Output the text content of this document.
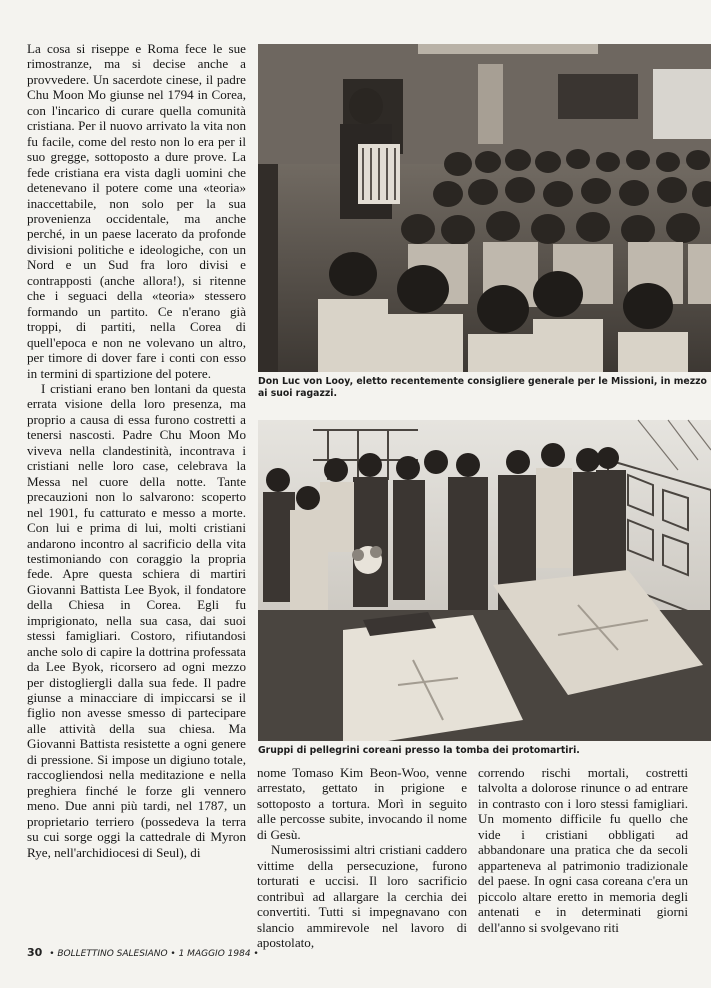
La cosa si riseppe e Roma fece le sue rimostranze, ma si decise anche a provvedere. Un sacerdote cinese, il padre Chu Moon Mo giunse nel 1794 in Corea, con l'incarico di curare quella comunità cristiana. Per il nuovo arrivato la vita non fu facile, come del resto non lo era per il suo gregge, sottoposto a dure prove. La fede cristiana era vista dagli uomini che detenevano il potere come una «teoria» inaccettabile, non solo per la sua provenienza occidentale, ma anche perché, in un paese lacerato da profonde divisioni politiche e ideologiche, con un Nord e un Sud fra loro divisi e contrapposti (anche allora!), si ritenne che i seguaci della «teoria» stessero formando un partito. Ce n'erano già troppi, di partiti, nella Corea di quell'epoca e non ne volevano un altro, per timore di dover fare i conti con esso in termini di spartizione del potere.

I cristiani erano ben lontani da questa errata visione della loro presenza, ma proprio a causa di essa furono costretti a tenersi nascosti. Padre Chu Moon Mo viveva nella clandestinità, incontrava i cristiani nelle loro case, celebrava la Messa nel cuore della notte. Tante precauzioni non lo salvarono: scoperto nel 1901, fu catturato e messo a morte. Con lui e prima di lui, molti cristiani andarono incontro al sacrificio della vita testimoniando con coraggio la propria fede. Apre questa schiera di martiri Giovanni Battista Lee Byok, il fondatore della Chiesa in Corea. Egli fu imprigionato, nella sua casa, dai suoi stessi famigliari. Costoro, rifiutandosi anche solo di capire la dottrina professata da Lee Byok, ricorsero ad ogni mezzo per distogliergli dalla sua fede. Il padre giunse a minacciare di impiccarsi se il figlio non avesse smesso di partecipare alle attività della sua chiesa. Ma Giovanni Battista resistette a ogni genere di pressione. Si impose un digiuno totale, raccogliendosi nella meditazione e nella preghiera finché le forze gli vennero meno. Due anni più tardi, nel 1787, un proprietario terriero (possedeva la terra su cui sorge oggi la cattedrale di Myron Rye, nell'archidiocesi di Seul), di

Don Luc von Looy, eletto recentemente consigliere generale per le Missioni, in mezzo ai suoi ragazzi.
Gruppi di pellegrini coreani presso la tomba dei protomartiri.

nome Tomaso Kim Beon-Woo, venne arrestato, gettato in prigione e sottoposto a tortura. Morì in seguito alle percosse subite, invocando il nome di Gesù.

Numerosissimi altri cristiani caddero vittime della persecuzione, furono torturati e uccisi. Il loro sacrificio contribuì ad allargare la cerchia dei convertiti. Tutti si impegnavano con slancio ammirevole nel lavoro di apostolato,

correndo rischi mortali, costretti talvolta a dolorose rinunce o ad entrare in contrasto con i loro stessi famigliari. Un momento difficile fu quello che vide i cristiani obbligati ad abbandonare una pratica che da secoli apparteneva al patrimonio tradizionale del paese. In ogni casa coreana c'era un piccolo altare eretto in memoria degli antenati e in determinati giorni dell'anno si svolgevano riti

30 • BOLLETTINO SALESIANO • 1 MAGGIO 1984 •
